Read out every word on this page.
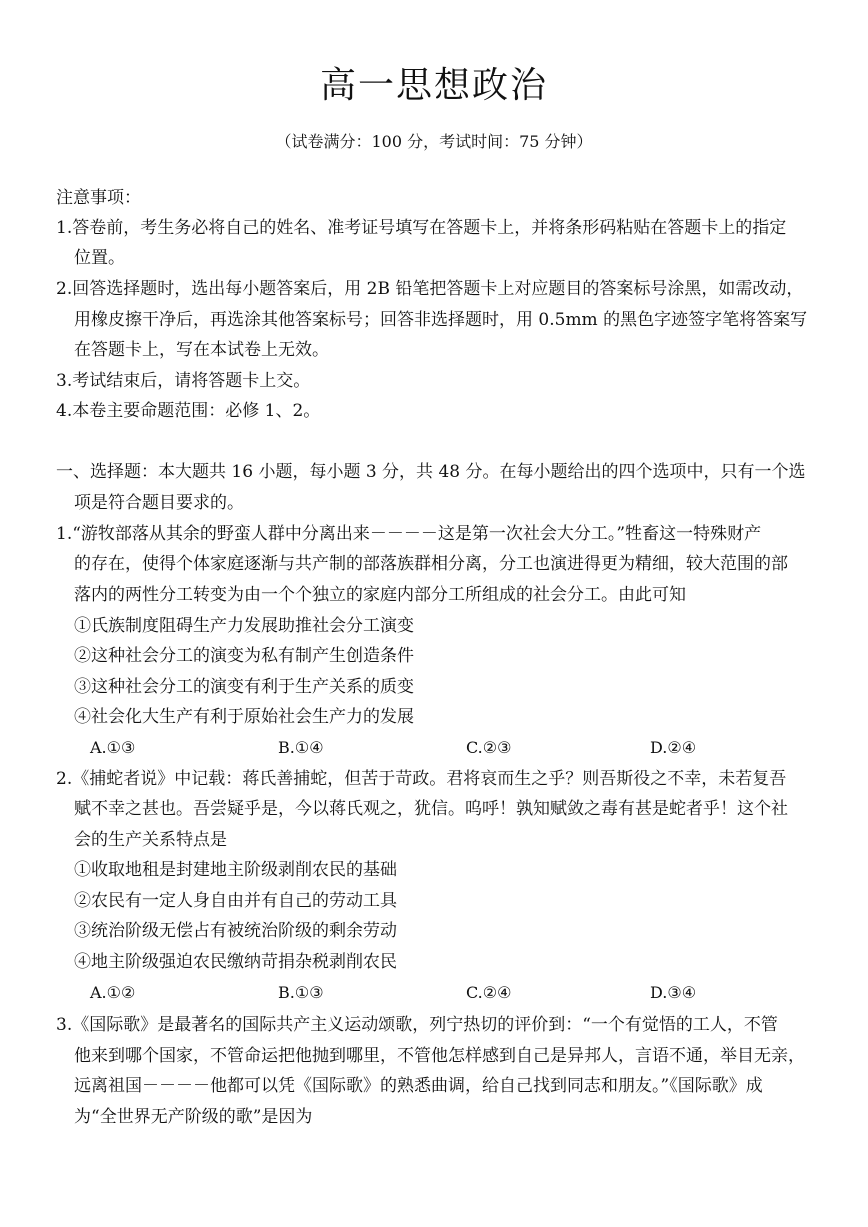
高一思想政治
（试卷满分：100 分，考试时间：75 分钟）
注意事项：
1.答卷前，考生务必将自己的姓名、准考证号填写在答题卡上，并将条形码粘贴在答题卡上的指定
位置。
2.回答选择题时，选出每小题答案后，用 2B 铅笔把答题卡上对应题目的答案标号涂黑，如需改动，
用橡皮擦干净后，再选涂其他答案标号；回答非选择题时，用 0.5mm 的黑色字迹签字笔将答案写
在答题卡上，写在本试卷上无效。
3.考试结束后，请将答题卡上交。
4.本卷主要命题范围：必修 1、2。
一、选择题：本大题共 16 小题，每小题 3 分，共 48 分。在每小题给出的四个选项中，只有一个选
项是符合题目要求的。
1.“游牧部落从其余的野蛮人群中分离出来－－－－这是第一次社会大分工。”牲畜这一特殊财产
的存在，使得个体家庭逐渐与共产制的部落族群相分离，分工也演进得更为精细，较大范围的部
落内的两性分工转变为由一个个独立的家庭内部分工所组成的社会分工。由此可知
①氏族制度阻碍生产力发展助推社会分工演变
②这种社会分工的演变为私有制产生创造条件
③这种社会分工的演变有利于生产关系的质变
④社会化大生产有利于原始社会生产力的发展
A.①③	B.①④	C.②③	D.②④
2.《捕蛇者说》中记载：蒋氏善捕蛇，但苦于苛政。君将哀而生之乎？则吾斯役之不幸，未若复吾
赋不幸之甚也。吾尝疑乎是，今以蒋氏观之，犹信。呜呼！孰知赋敛之毒有甚是蛇者乎！这个社
会的生产关系特点是
①收取地租是封建地主阶级剥削农民的基础
②农民有一定人身自由并有自己的劳动工具
③统治阶级无偿占有被统治阶级的剩余劳动
④地主阶级强迫农民缴纳苛捐杂税剥削农民
A.①②	B.①③	C.②④	D.③④
3.《国际歌》是最著名的国际共产主义运动颂歌，列宁热切的评价到：“一个有觉悟的工人，不管
他来到哪个国家，不管命运把他抛到哪里，不管他怎样感到自己是异邦人，言语不通，举目无亲，
远离祖国－－－－他都可以凭《国际歌》的熟悉曲调，给自己找到同志和朋友。”《国际歌》成
为“全世界无产阶级的歌”是因为
